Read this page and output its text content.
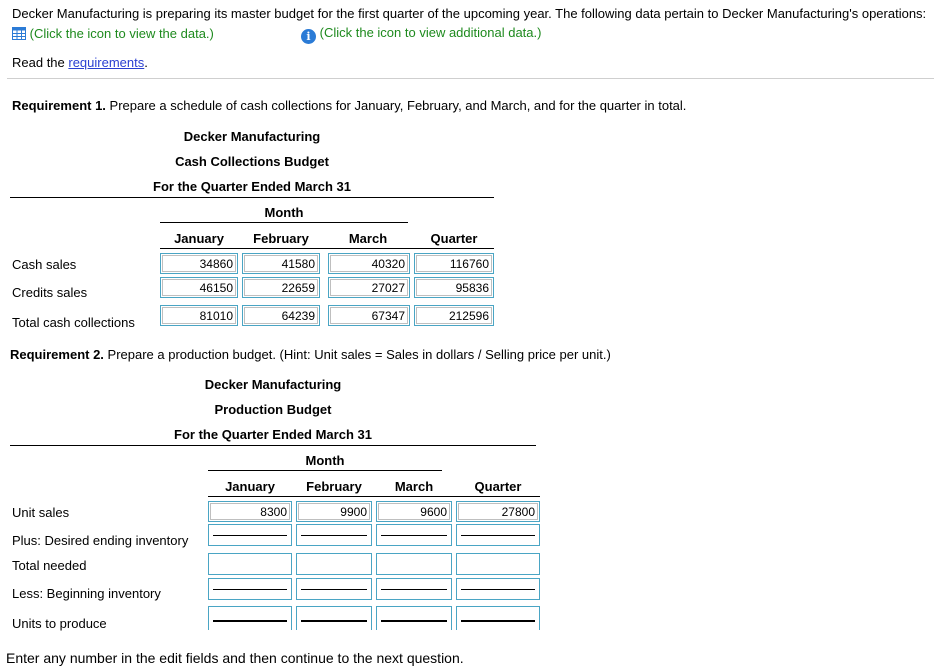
Decker Manufacturing is preparing its master budget for the first quarter of the upcoming year. The following data pertain to Decker Manufacturing's operations:
(Click the icon to view the data.)	i (Click the icon to view additional data.)
Read the requirements.
Requirement 1. Prepare a schedule of cash collections for January, February, and March, and for the quarter in total.
Decker Manufacturing
Cash Collections Budget
For the Quarter Ended March 31
Month
January	February	March	Quarter
Cash sales	34860	41580	40320	116760
Credits sales	46150	22659	27027	95836
Total cash collections	81010	64239	67347	212596
Requirement 2. Prepare a production budget. (Hint: Unit sales = Sales in dollars / Selling price per unit.)
Decker Manufacturing
Production Budget
For the Quarter Ended March 31
Month
January	February	March	Quarter
Unit sales	8300	9900	9600	27800
Plus: Desired ending inventory
Total needed
Less: Beginning inventory
Units to produce
Enter any number in the edit fields and then continue to the next question.
